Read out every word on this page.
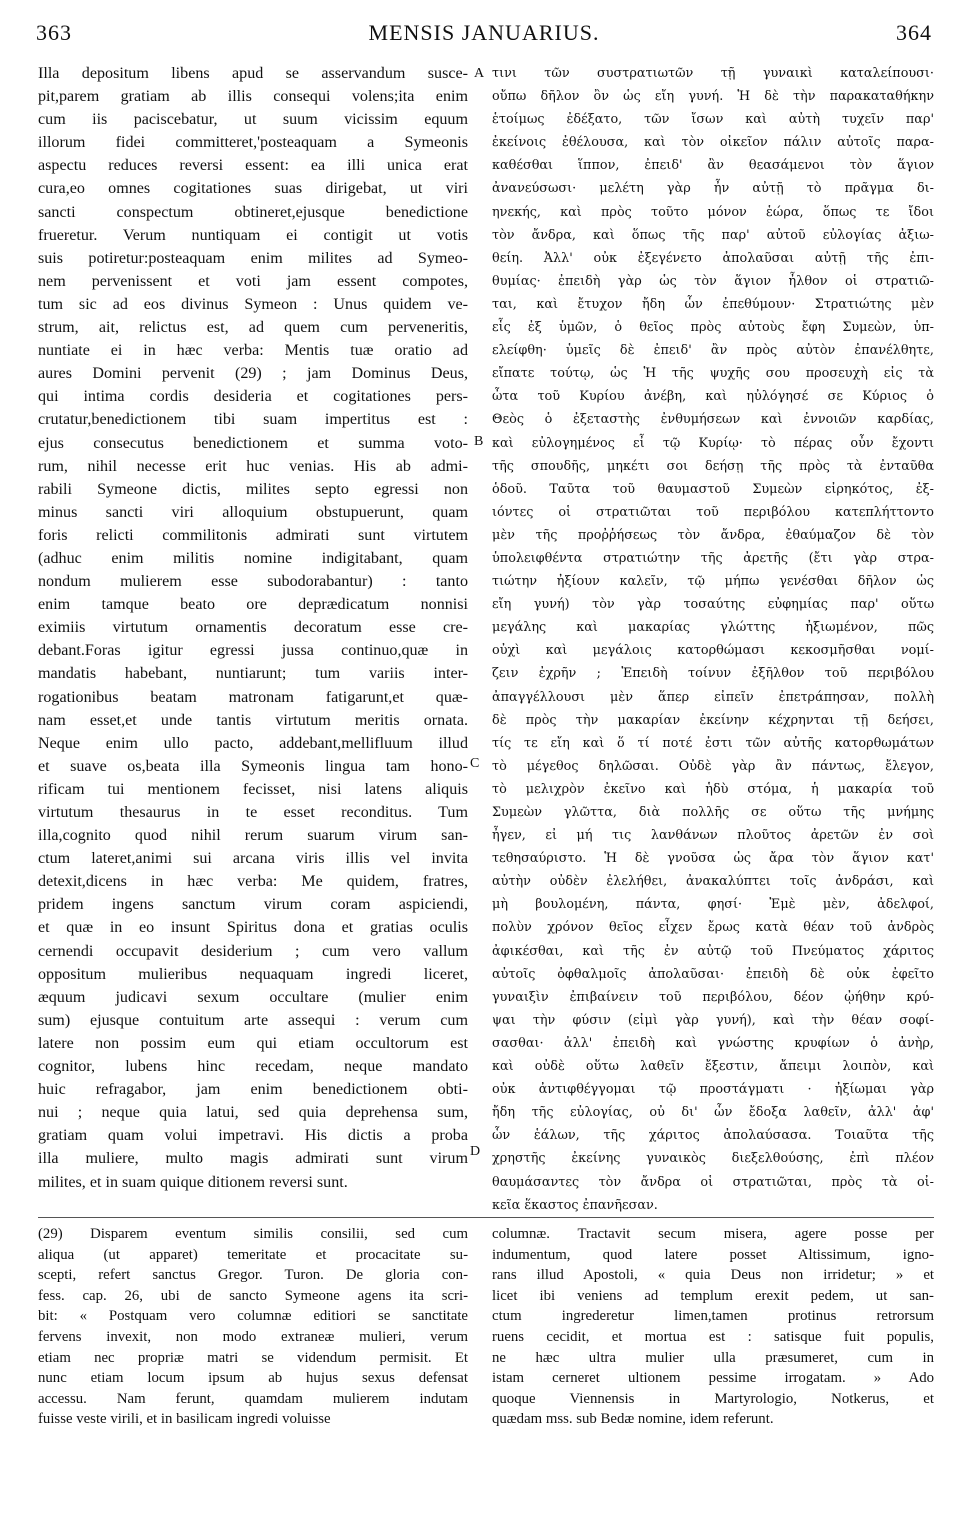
363	MENSIS JANUARIUS.	364
Illa depositum libens apud se asservandum susce-
pit,parem gratiam ab illis consequi volens;ita enim
cum iis paciscebatur, ut suum vicissim equum
illorum fidei committeret,'posteaquam a Symeonis
aspectu reduces reversi essent: ea illi unica erat
cura,eo omnes cogitationes suas dirigebat, ut viri
sancti conspectum obtineret,ejusque benedictione
frueretur. Verum nuntiquam ei contigit ut votis
suis potiretur:posteaquam enim milites ad Symeo-
nem pervenissent et voti jam essent compotes,
tum sic ad eos divinus Symeon : Unus quidem ve-
strum, ait, relictus est, ad quem cum perveneritis,
nuntiate ei in hæc verba: Mentis tuæ oratio ad
aures Domini pervenit (29) ; jam Dominus Deus,
qui intima cordis desideria et cogitationes pers-
crutatur,benedictionem tibi suam impertitus est :
ejus consecutus benedictionem et summa voto-
rum, nihil necesse erit huc venias. His ab admi-
rabili Symeone dictis, milites septo egressi non
minus sancti viri alloquium obstupuerunt, quam
foris relicti commilitonis admirati sunt virtutem
(adhuc enim militis nomine indigitabant, quam
nondum mulierem esse subodorabantur) : tanto
enim tamque beato ore deprædicatum nonnisi
eximiis virtutum ornamentis decoratum esse cre-
debant.Foras igitur egressi jussa continuo,quæ in
mandatis habebant, nuntiarunt; tum variis inter-
rogationibus beatam matronam fatigarunt,et quæ-
nam esset,et unde tantis virtutum meritis ornata.
Neque enim ullo pacto, addebant,mellifluum illud
et suave os,beata illa Symeonis lingua tam hono-
rificam tui mentionem fecisset, nisi latens aliquis
virtutum thesaurus in te esset reconditus. Tum
illa,cognito quod nihil rerum suarum virum san-
ctum lateret,animi sui arcana viris illis vel invita
detexit,dicens in hæc verba: Me quidem, fratres,
pridem ingens sanctum virum coram aspiciendi,
et quæ in eo insunt Spiritus dona et gratias oculis
cernendi occupavit desiderium ; cum vero vallum
oppositum mulieribus nequaquam ingredi liceret,
æquum judicavi sexum occultare (mulier enim
sum) ejusque contuitum arte assequi : verum cum
latere non possim eum qui etiam occultorum est
cognitor, lubens hinc recedam, neque mandato
huic refragabor, jam enim benedictionem obti-
nui ; neque quia latui, sed quia deprehensa sum,
gratiam quam volui impetravi. His dictis a proba
illa muliere, multo magis admirati sunt virum
milites, et in suam quique ditionem reversi sunt.
τινι τῶν συστρατιωτῶν τῇ γυναικὶ καταλείπουσι·
οὔπω δῆλον ὂν ὡς εἴη γυνή. Ἡ δὲ τὴν παρακαταθήκην
ἑτοίμως ἐδέξατο, τῶν ἴσων καὶ αὐτὴ τυχεῖν παρ'
ἐκείνοις ἐθέλουσα, καὶ τὸν οἰκεῖον πάλιν αὐτοῖς παρα-
καθέσθαι ἵππον, ἐπειδ' ἂν θεασάμενοι τὸν ἅγιον
ἀνανεύσωσι· μελέτη γὰρ ἦν αὐτῇ τὸ πρᾶγμα δι-
ηνεκής, καὶ πρὸς τοῦτο μόνον ἑώρα, ὅπως τε ἴδοι
τὸν ἄνδρα, καὶ ὅπως τῆς παρ' αὐτοῦ εὐλογίας ἀξιω-
θείη. Ἀλλ' οὐκ ἐξεγένετο ἀπολαῦσαι αὐτῇ τῆς ἐπι-
θυμίας· ἐπειδὴ γὰρ ὡς τὸν ἅγιον ἦλθον οἱ στρατιῶ-
ται, καὶ ἔτυχον ἤδη ὧν ἐπεθύμουν· Στρατιώτης μὲν
εἷς ἐξ ὑμῶν, ὁ θεῖος πρὸς αὐτοὺς ἔφη Συμεὼν, ὑπ-
ελείφθη· ὑμεῖς δὲ ἐπειδ' ἂν πρὸς αὐτὸν ἐπανέλθητε,
εἴπατε τούτῳ, ὡς Ἡ τῆς ψυχῆς σου προσευχὴ εἰς τὰ
ὦτα τοῦ Κυρίου ἀνέβη, καὶ ηὐλόγησέ σε Κύριος ὁ
Θεὸς ὁ ἐξεταστὴς ἐνθυμήσεων καὶ ἐννοιῶν καρδίας,
καὶ εὐλογημένος εἶ τῷ Κυρίῳ· τὸ πέρας οὖν ἔχοντι
τῆς σπουδῆς, μηκέτι σοι δεήσῃ τῆς πρὸς τὰ ἐνταῦθα
ὁδοῦ. Ταῦτα τοῦ θαυμαστοῦ Συμεὼν εἰρηκότος, ἐξ-
ιόντες οἱ στρατιῶται τοῦ περιβόλου κατεπλήττοντο
μὲν τῆς προῤῥήσεως τὸν ἄνδρα, ἐθαύμαζον δὲ τὸν
ὑπολειφθέντα στρατιώτην τῆς ἀρετῆς (ἔτι γὰρ στρα-
τιώτην ἠξίουν καλεῖν, τῷ μήπω γενέσθαι δῆλον ὡς
εἴη γυνή) τὸν γὰρ τοσαύτης εὐφημίας παρ' οὕτω
μεγάλης καὶ μακαρίας γλώττης ἠξιωμένον, πῶς
οὐχὶ καὶ μεγάλοις κατορθώμασι κεκοσμῆσθαι νομί-
ζειν ἐχρῆν ; Ἐπειδὴ τοίνυν ἐξῆλθον τοῦ περιβόλου
ἀπαγγέλλουσι μὲν ἅπερ εἰπεῖν ἐπετράπησαν, πολλὴ
δὲ πρὸς τὴν μακαρίαν ἐκείνην κέχρηνται τῇ δεήσει,
τίς τε εἴη καὶ ὅ τί ποτέ ἐστι τῶν αὐτῆς κατορθωμάτων
τὸ μέγεθος δηλῶσαι. Οὐδὲ γὰρ ἂν πάντως, ἔλεγον,
τὸ μελιχρὸν ἐκεῖνο καὶ ἡδὺ στόμα, ἡ μακαρία τοῦ
Συμεὼν γλῶττα, διὰ πολλῆς σε οὕτω τῆς μνήμης
ἦγεν, εἰ μή τις λανθάνων πλοῦτος ἀρετῶν ἐν σοὶ
τεθησαύριστο. Ἡ δὲ γνοῦσα ὡς ἄρα τὸν ἅγιον κατ'
αὐτὴν οὐδὲν ἐλελήθει, ἀνακαλύπτει τοῖς ἀνδράσι, καὶ
μὴ βουλομένη, πάντα, φησί· Ἐμὲ μὲν, ἀδελφοί,
πολὺν χρόνον θεῖος εἶχεν ἔρως κατὰ θέαν τοῦ ἀνδρὸς
ἀφικέσθαι, καὶ τῆς ἐν αὐτῷ τοῦ Πνεύματος χάριτος
αὐτοῖς ὀφθαλμοῖς ἀπολαῦσαι· ἐπειδὴ δὲ οὐκ ἐφεῖτο
γυναιξὶν ἐπιβαίνειν τοῦ περιβόλου, δέον ᾠήθην κρύ-
ψαι τὴν φύσιν (εἰμὶ γὰρ γυνή), καὶ τὴν θέαν σοφί-
σασθαι· ἀλλ' ἐπειδὴ καὶ γνώστης κρυφίων ὁ ἀνὴρ,
καὶ οὐδὲ οὕτω λαθεῖν ἔξεστιν, ἄπειμι λοιπὸν, καὶ
οὐκ ἀντιφθέγγομαι τῷ προστάγματι · ἠξίωμαι γὰρ
ἤδη τῆς εὐλογίας, οὐ δι' ὧν ἔδοξα λαθεῖν, ἀλλ' ἀφ'
ὧν ἑάλων, τῆς χάριτος ἀπολαύσασα. Τοιαῦτα τῆς
χρηστῆς ἐκείνης γυναικὸς διεξελθούσης, ἐπὶ πλέον
θαυμάσαντες τὸν ἄνδρα οἱ στρατιῶται, πρὸς τὰ οἰ-
κεῖα ἕκαστος ἐπανῆεσαν.
A
B
C
D
(29) Disparem eventum similis consilii, sed cum
aliqua (ut apparet) temeritate et procacitate su-
scepti, refert sanctus Gregor. Turon. De gloria con-
fess. cap. 26, ubi de sancto Symeone agens ita scri-
bit: « Postquam vero columnæ editiori se sanctitate
fervens invexit, non modo extraneæ mulieri, verum
etiam nec propriæ matri se videndum permisit. Et
nunc etiam locum ipsum ab hujus sexus defensat
accessu. Nam ferunt, quamdam mulierem indutam
fuisse veste virili, et in basilicam ingredi voluisse
columnæ. Tractavit secum misera, agere posse per
indumentum, quod latere posset Altissimum, igno-
rans illud Apostoli, « quia Deus non irridetur; » et
licet ibi veniens ad templum erexit pedem, ut san-
ctum ingrederetur limen,tamen protinus retrorsum
ruens cecidit, et mortua est : satisque fuit populis,
ne hæc ultra mulier ulla præsumeret, cum in
istam cerneret ultionem pessime irrogatam. » Ado
quoque Viennensis in Martyrologio, Notkerus, et
quædam mss. sub Bedæ nomine, idem referunt.
